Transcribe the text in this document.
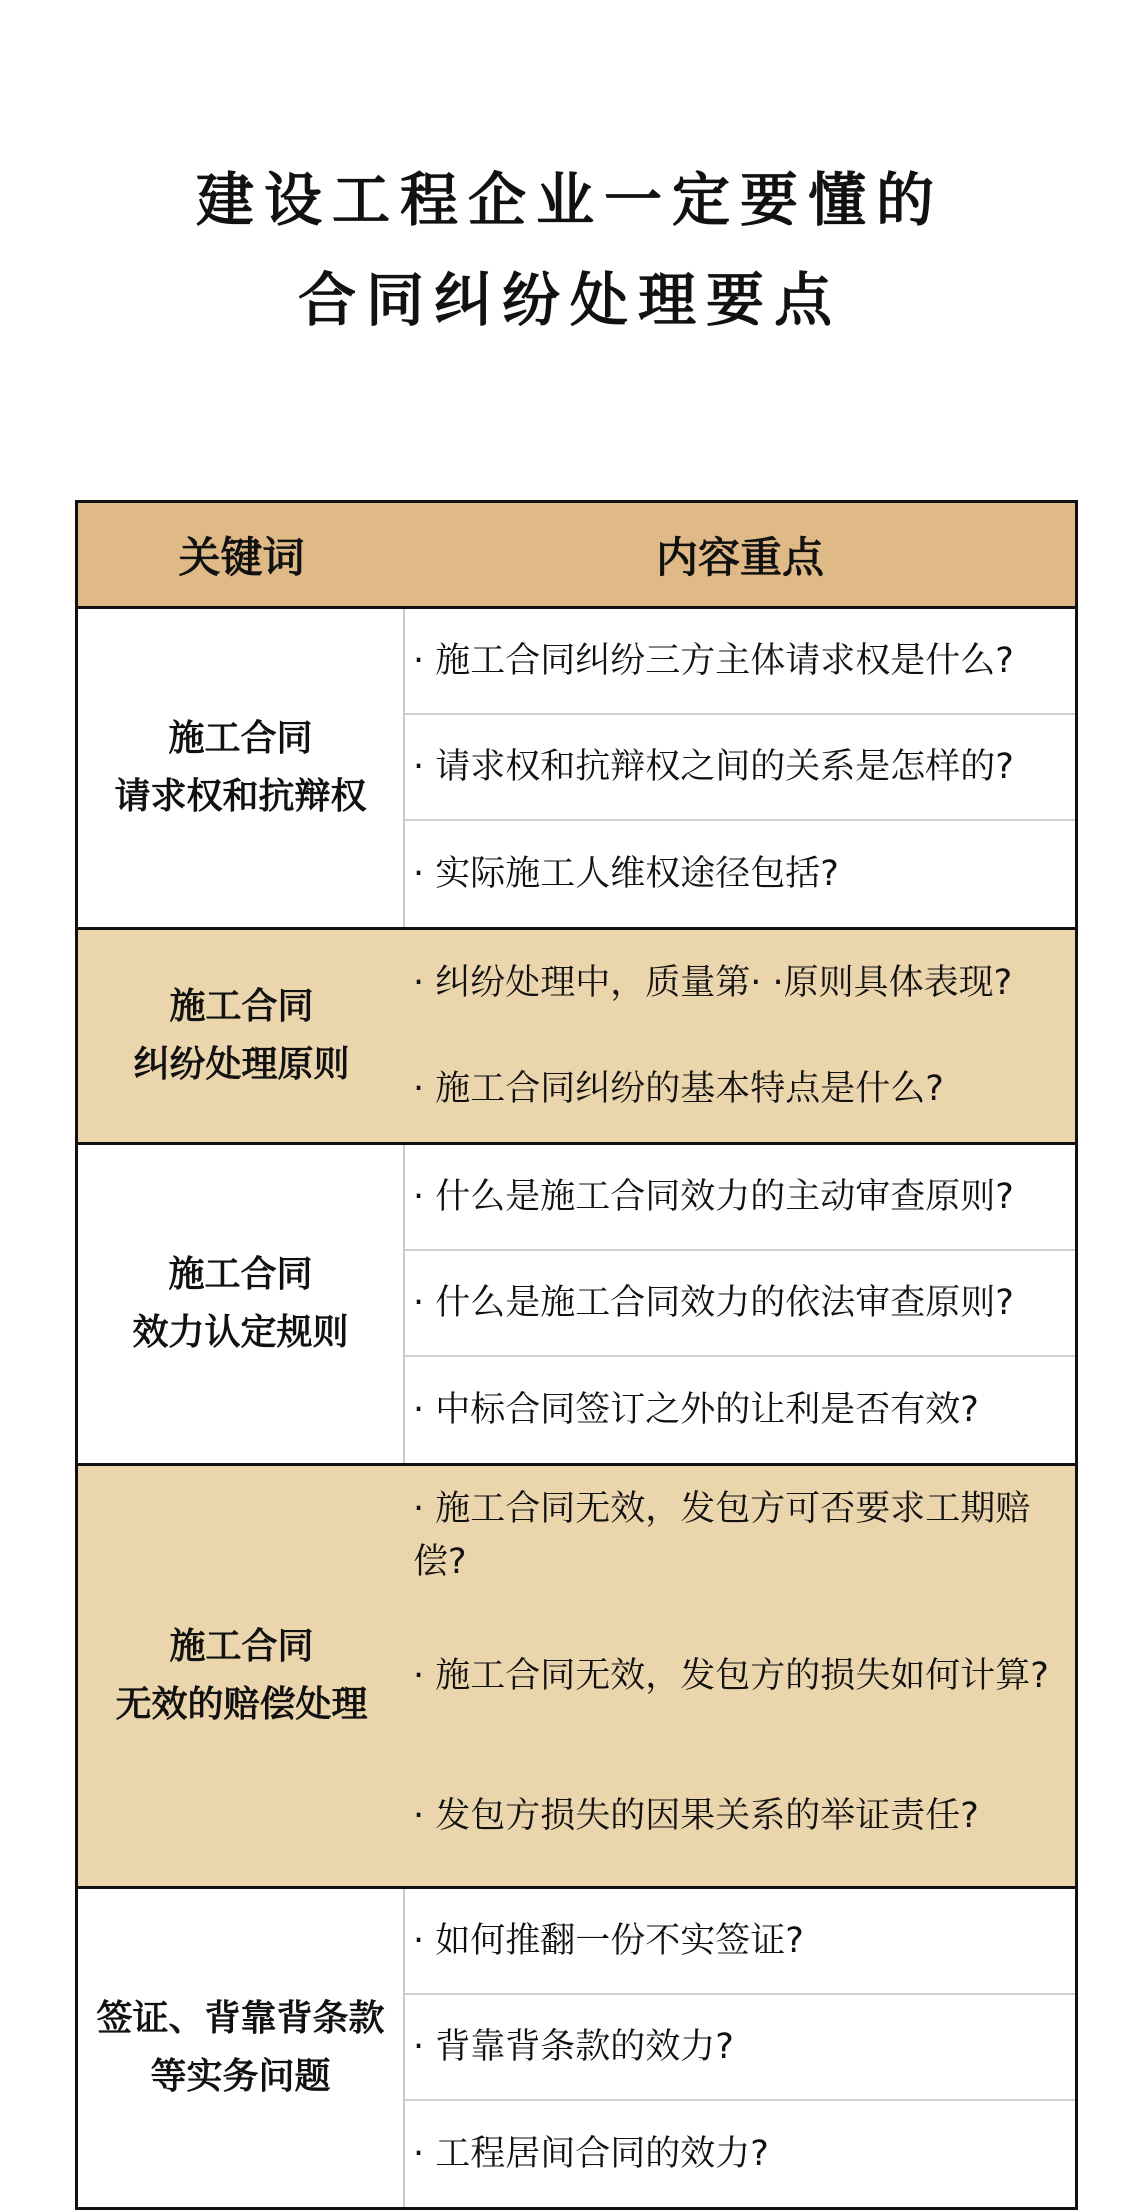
建设工程企业一定要懂的
合同纠纷处理要点
关键词	内容重点
施工合同
请求权和抗辩权
· 施工合同纠纷三方主体请求权是什么?
· 请求权和抗辩权之间的关系是怎样的?
· 实际施工人维权途径包括?
施工合同
纠纷处理原则
· 纠纷处理中，质量第· ·原则具体表现?
· 施工合同纠纷的基本特点是什么?
施工合同
效力认定规则
· 什么是施工合同效力的主动审查原则?
· 什么是施工合同效力的依法审查原则?
· 中标合同签订之外的让利是否有效?
施工合同
无效的赔偿处理
· 施工合同无效，发包方可否要求工期赔偿?
· 施工合同无效，发包方的损失如何计算?
· 发包方损失的因果关系的举证责任?
签证、背靠背条款
等实务问题
· 如何推翻一份不实签证?
· 背靠背条款的效力?
· 工程居间合同的效力?
